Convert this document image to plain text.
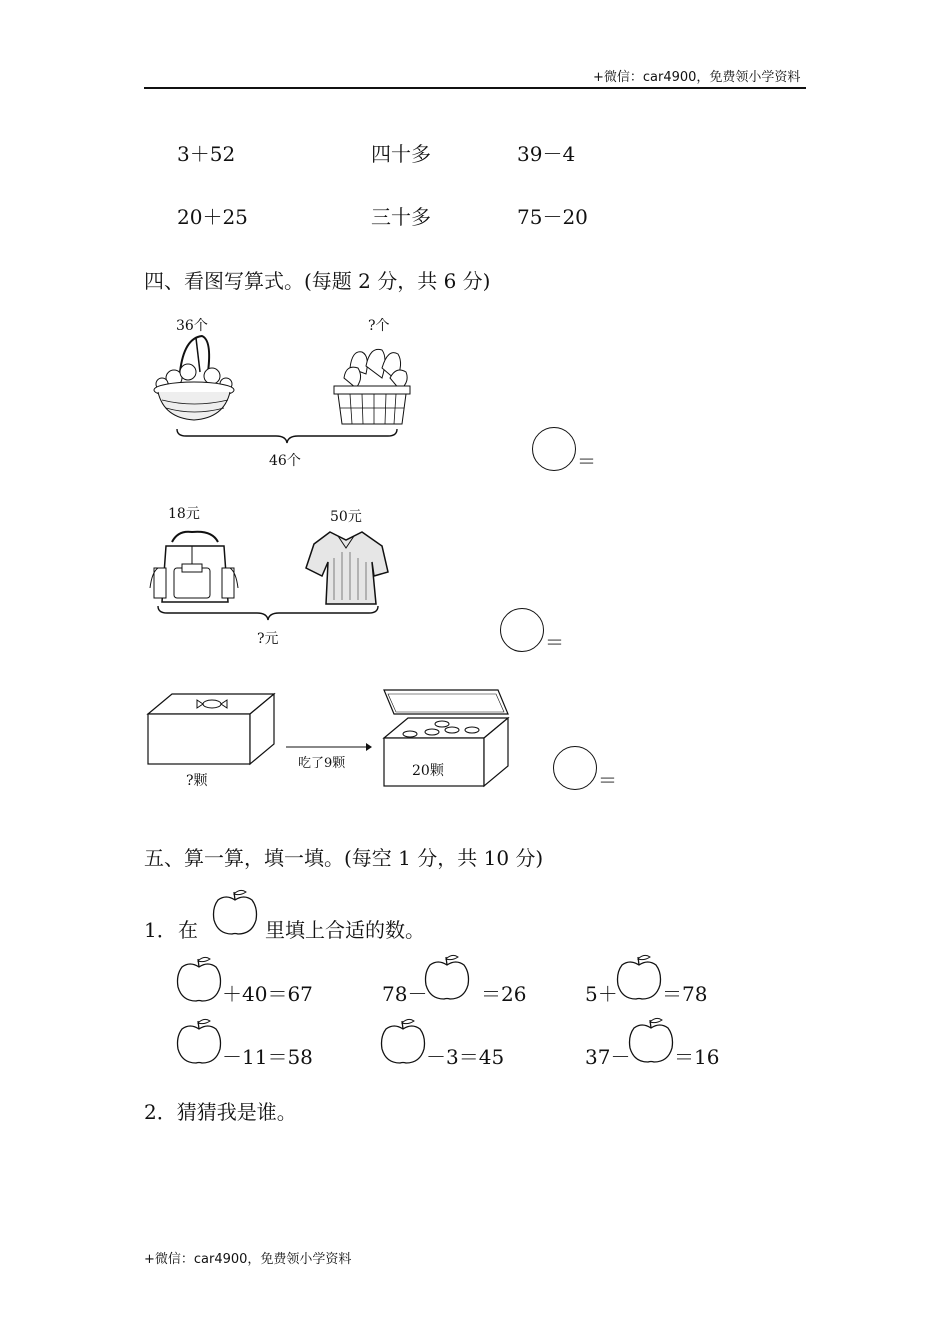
+微信：car4900，免费领小学资料
3＋52	四十多	39－4
20＋25	三十多	75－20
四、看图写算式。(每题 2 分，共 6 分)
36个	?个
46个	＝
18元	50元
?元	＝
?颗
吃了9颗	20颗	＝
五、算一算，填一填。(每空 1 分，共 10 分)
1． 在	里填上合适的数。
＋40＝67	78－	＝26	5＋ ＝78
－11＝58	－3＝45	37－ ＝16
2．猜猜我是谁。
+微信：car4900，免费领小学资料
